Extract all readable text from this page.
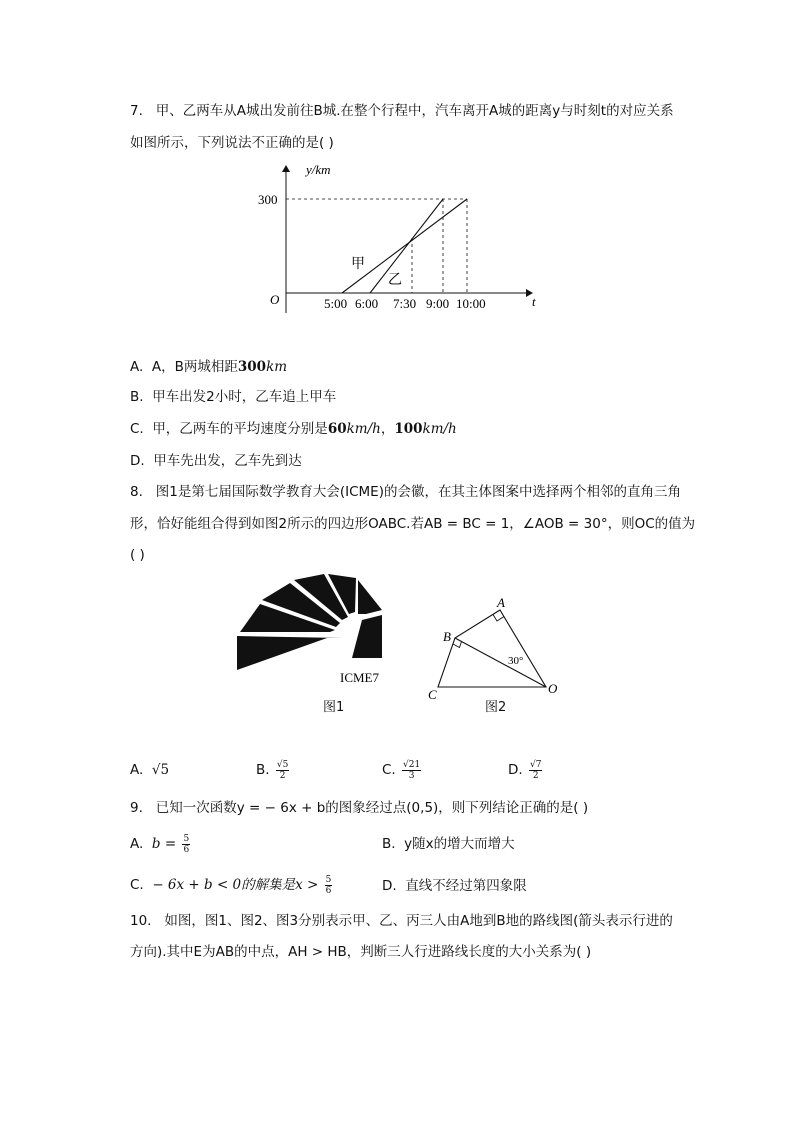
7. 甲、乙两车从A城出发前往B城.在整个行程中，汽车离开A城的距离y与时刻t的对应关系
如图所示，下列说法不正确的是( )
y/km
O	t
300
甲
乙
5:00 6:00 7:30 9:00 10:00
A. A，B两城相距300km
B. 甲车出发2小时，乙车追上甲车
C. 甲，乙两车的平均速度分别是60km/h，100km/h
D. 甲车先出发，乙车先到达
8. 图1是第七届国际数学教育大会(ICME)的会徽，在其主体图案中选择两个相邻的直角三角
形，恰好能组合得到如图2所示的四边形OABC.若AB = BC = 1，∠AOB = 30°，则OC的值为
( )
ICME7
图1
A
B
C	O
30°
图2
A. √5	B. $\frac{√5}{2}$	C. $\frac{√21}{3}$	D. $\frac{√7}{2}$
9. 已知一次函数y = − 6x + b的图象经过点(0,5)，则下列结论正确的是( )
A. $b = \frac{5}{6}$	B. y随x的增大而增大
C. − 6x + b < 0的解集是$x > \frac{5}{6}$	D. 直线不经过第四象限
10. 如图，图1、图2、图3分别表示甲、乙、丙三人由A地到B地的路线图(箭头表示行进的
方向).其中E为AB的中点，AH > HB，判断三人行进路线长度的大小关系为( )
